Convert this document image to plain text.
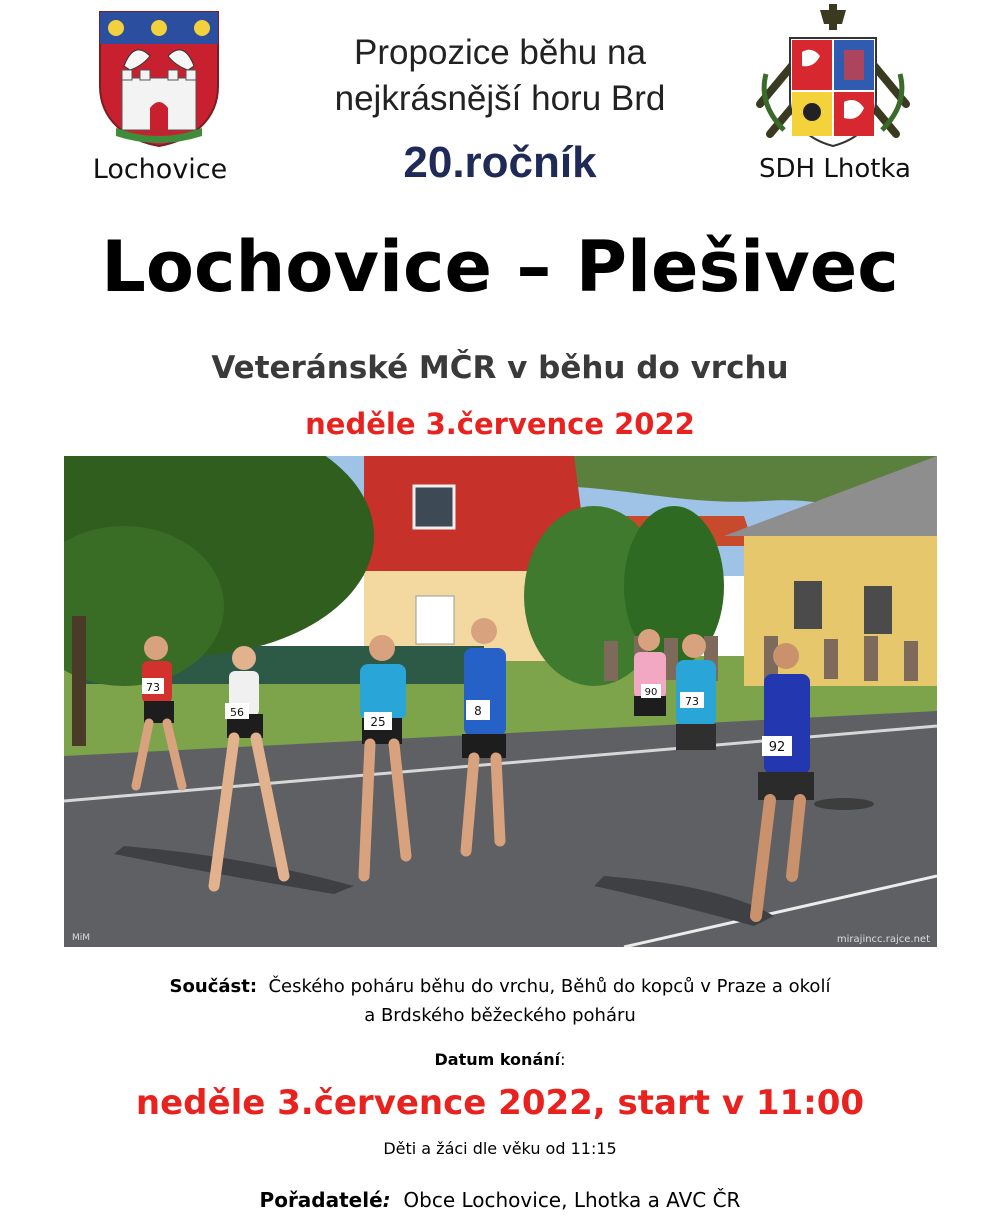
Lochovice
Propozice běhu na
nejkrásnější horu Brd
20.ročník	SDH Lhotka
Lochovice – Plešivec
Veteránské MČR v běhu do vrchu
neděle 3.července 2022
73
56
25
8
90
73
92
MiM	mirajincc.rajce.net
Součást: Českého poháru běhu do vrchu, Běhů do kopců v Praze a okolí
a Brdského běžeckého poháru
Datum konání:
neděle 3.července 2022, start v 11:00
Děti a žáci dle věku od 11:15
Pořadatelé: Obce Lochovice, Lhotka a AVC ČR
